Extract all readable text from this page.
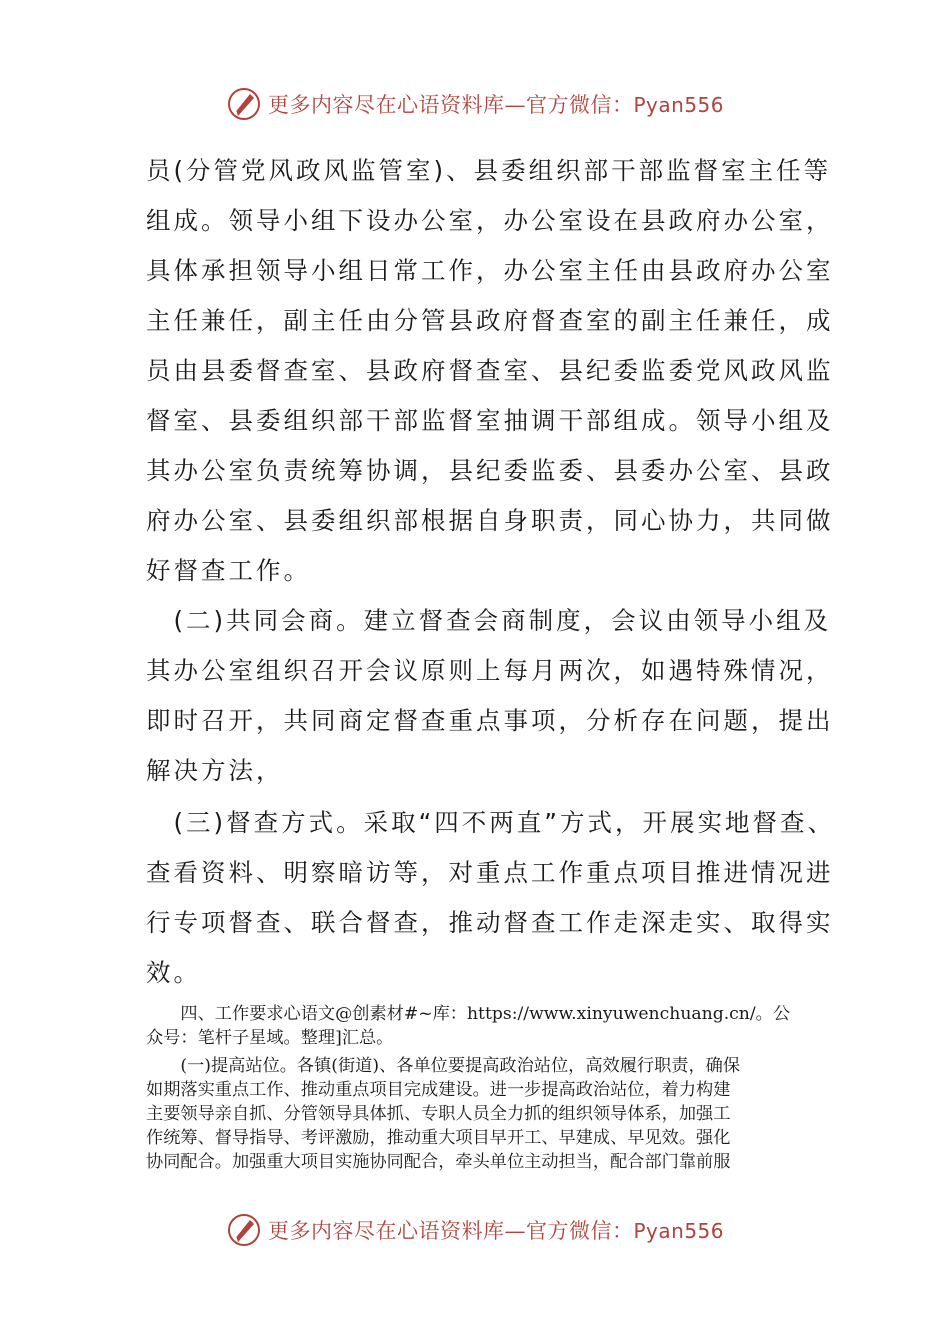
更多内容尽在心语资料库—官方微信：Pyan556

员(分管党风政风监管室)、县委组织部干部监督室主任等

组成。领导小组下设办公室，办公室设在县政府办公室，

具体承担领导小组日常工作，办公室主任由县政府办公室

主任兼任，副主任由分管县政府督查室的副主任兼任，成

员由县委督查室、县政府督查室、县纪委监委党风政风监

督室、县委组织部干部监督室抽调干部组成。领导小组及

其办公室负责统筹协调，县纪委监委、县委办公室、县政

府办公室、县委组织部根据自身职责，同心协力，共同做

好督查工作。

　(二)共同会商。建立督查会商制度，会议由领导小组及

其办公室组织召开会议原则上每月两次，如遇特殊情况，

即时召开，共同商定督查重点事项，分析存在问题，提出

解决方法，

　(三)督查方式。采取“四不两直”方式，开展实地督查、

查看资料、明察暗访等，对重点工作重点项目推进情况进

行专项督查、联合督查，推动督查工作走深走实、取得实

效。

　　四、工作要求心语文@创素材#~库：https://www.xinyuwenchuang.cn/。公

众号：笔杆子星域。整理]汇总。

　　(一)提高站位。各镇(街道)、各单位要提高政治站位，高效履行职责，确保

如期落实重点工作、推动重点项目完成建设。进一步提高政治站位，着力构建

主要领导亲自抓、分管领导具体抓、专职人员全力抓的组织领导体系，加强工

作统筹、督导指导、考评激励，推动重大项目早开工、早建成、早见效。强化

协同配合。加强重大项目实施协同配合，牵头单位主动担当，配合部门靠前服

更多内容尽在心语资料库—官方微信：Pyan556
